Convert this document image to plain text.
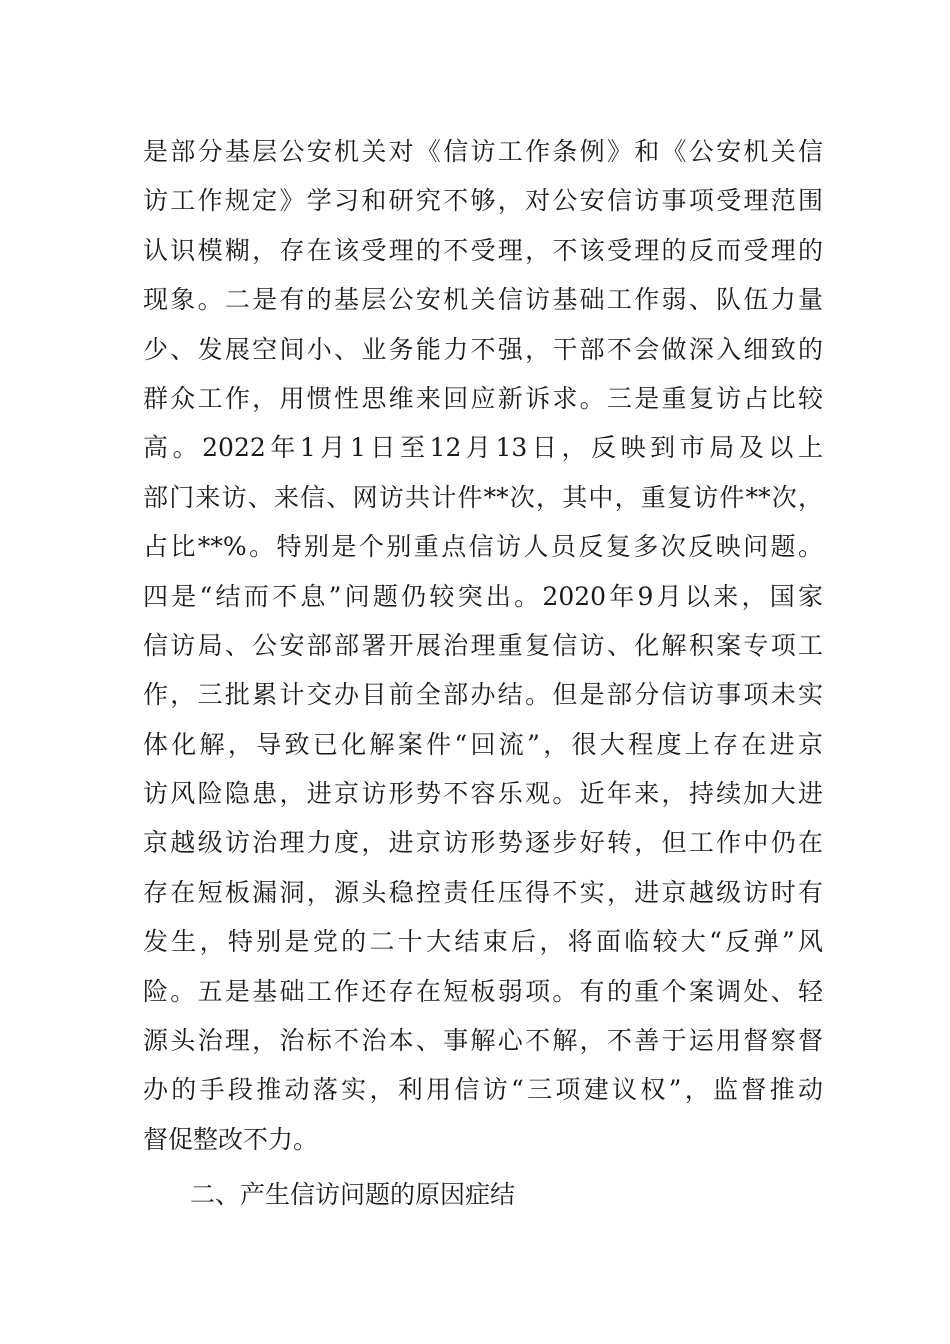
是部分基层公安机关对《信访工作条例》和《公安机关信
访工作规定》学习和研究不够，对公安信访事项受理范围
认识模糊，存在该受理的不受理，不该受理的反而受理的
现象。二是有的基层公安机关信访基础工作弱、队伍力量
少、发展空间小、业务能力不强，干部不会做深入细致的
群众工作，用惯性思维来回应新诉求。三是重复访占比较
高。2022年1月1日至12月13日，反映到市局及以上
部门来访、来信、网访共计件**次，其中，重复访件**次，
占比**%。特别是个别重点信访人员反复多次反映问题。
四是“结而不息”问题仍较突出。2020年9月以来，国家
信访局、公安部部署开展治理重复信访、化解积案专项工
作，三批累计交办目前全部办结。但是部分信访事项未实
体化解，导致已化解案件“回流”，很大程度上存在进京
访风险隐患，进京访形势不容乐观。近年来，持续加大进
京越级访治理力度，进京访形势逐步好转，但工作中仍在
存在短板漏洞，源头稳控责任压得不实，进京越级访时有
发生，特别是党的二十大结束后，将面临较大“反弹”风
险。五是基础工作还存在短板弱项。有的重个案调处、轻
源头治理，治标不治本、事解心不解，不善于运用督察督
办的手段推动落实，利用信访“三项建议权”，监督推动
督促整改不力。
二、产生信访问题的原因症结
